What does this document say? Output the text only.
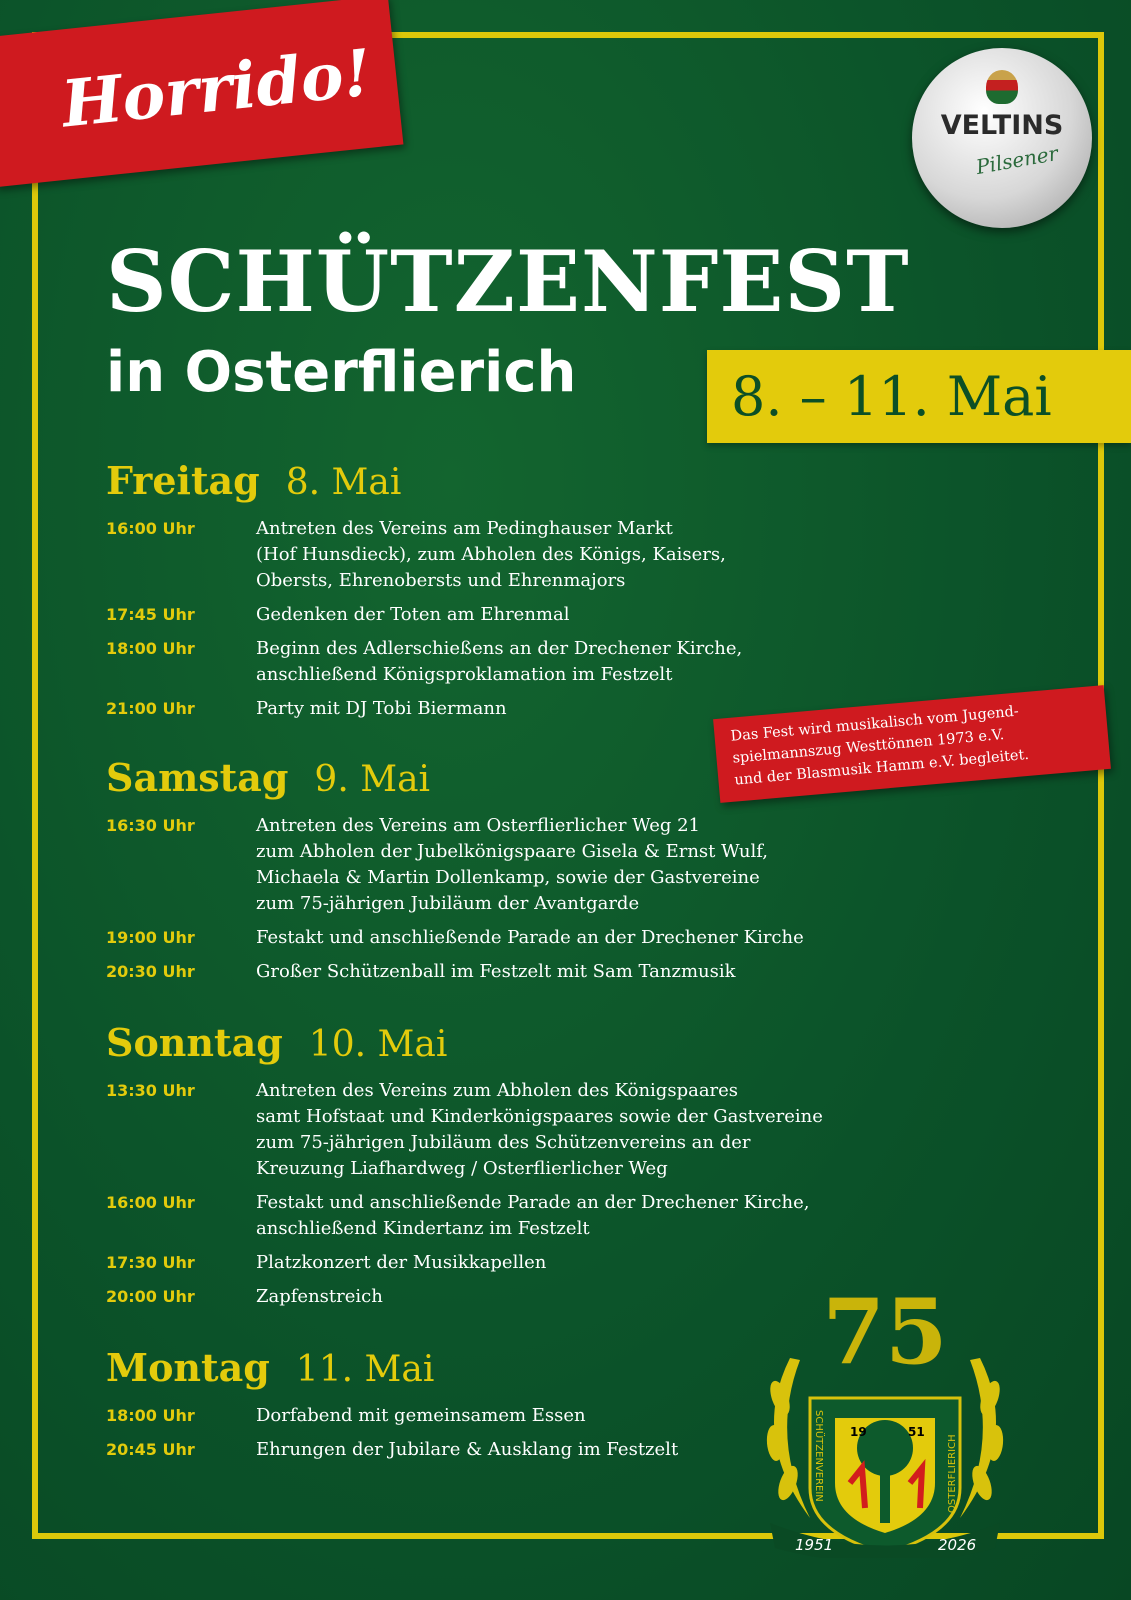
Horrido!	VELTINS
Pilsener
SCHÜTZENFEST
in Osterflierich	8. – 11. Mai
Freitag 8. Mai
16:00 Uhr	Antreten des Vereins am Pedinghauser Markt
(Hof Hunsdieck), zum Abholen des Königs, Kaisers,
Obersts, Ehrenobersts und Ehrenmajors
17:45 Uhr	Gedenken der Toten am Ehrenmal
18:00 Uhr	Beginn des Adlerschießens an der Drechener Kirche,
anschließend Königsproklamation im Festzelt
21:00 Uhr	Party mit DJ Tobi Biermann
Samstag 9. Mai
16:30 Uhr	Antreten des Vereins am Osterflierlicher Weg 21
zum Abholen der Jubelkönigspaare Gisela & Ernst Wulf,
Michaela & Martin Dollenkamp, sowie der Gastvereine
zum 75-jährigen Jubiläum der Avantgarde
19:00 Uhr	Festakt und anschließende Parade an der Drechener Kirche
20:30 Uhr	Großer Schützenball im Festzelt mit Sam Tanzmusik
Sonntag 10. Mai
13:30 Uhr	Antreten des Vereins zum Abholen des Königspaares
samt Hofstaat und Kinderkönigspaares sowie der Gastvereine
zum 75-jährigen Jubiläum des Schützenvereins an der
Kreuzung Liafhardweg / Osterflierlicher Weg
16:00 Uhr	Festakt und anschließende Parade an der Drechener Kirche,
anschließend Kindertanz im Festzelt
17:30 Uhr	Platzkonzert der Musikkapellen
20:00 Uhr	Zapfenstreich
Montag 11. Mai
18:00 Uhr	Dorfabend mit gemeinsamem Essen
20:45 Uhr	Ehrungen der Jubilare & Ausklang im Festzelt
Das Fest wird musikalisch vom Jugend-
spielmannszug Westtönnen 1973 e.V.
und der Blasmusik Hamm e.V. begleitet.
75
19	51
SCHÜTZENVEREIN	OSTERFLIERICH
1951	2026
